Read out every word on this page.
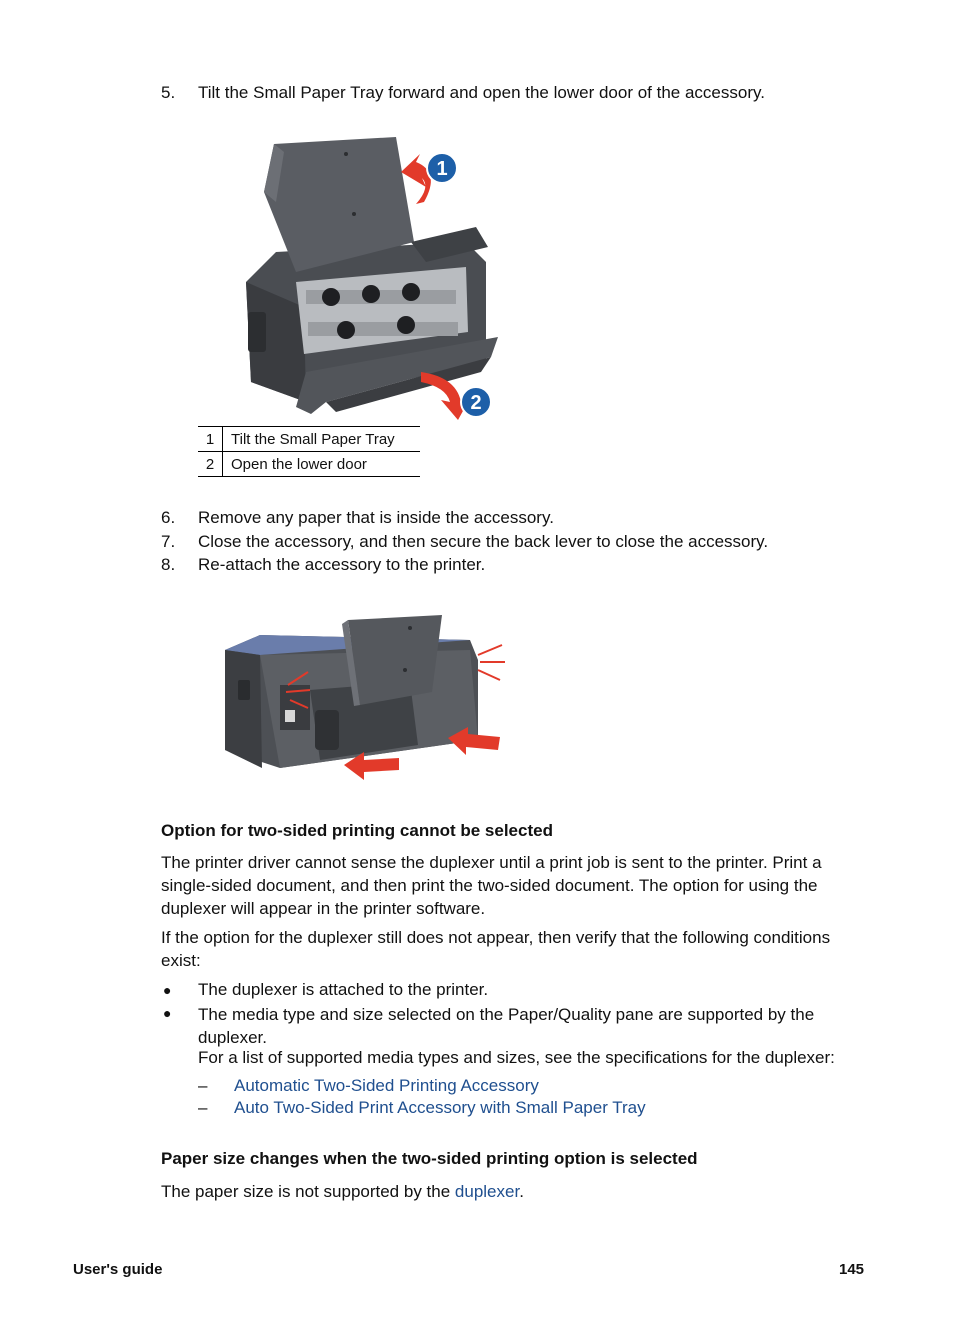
5.	Tilt the Small Paper Tray forward and open the lower door of the accessory.
1
2
1	Tilt the Small Paper Tray
2	Open the lower door
6.	Remove any paper that is inside the accessory.
7.	Close the accessory, and then secure the back lever to close the accessory.
8.	Re-attach the accessory to the printer.
Option for two-sided printing cannot be selected
The printer driver cannot sense the duplexer until a print job is sent to the printer. Print a single-sided document, and then print the two-sided document. The option for using the duplexer will appear in the printer software.
If the option for the duplexer still does not appear, then verify that the following conditions exist:
● The duplexer is attached to the printer.
● The media type and size selected on the Paper/Quality pane are supported by the duplexer.
For a list of supported media types and sizes, see the specifications for the duplexer:
– Automatic Two-Sided Printing Accessory
– Auto Two-Sided Print Accessory with Small Paper Tray
Paper size changes when the two-sided printing option is selected
The paper size is not supported by the duplexer.
User's guide	145
